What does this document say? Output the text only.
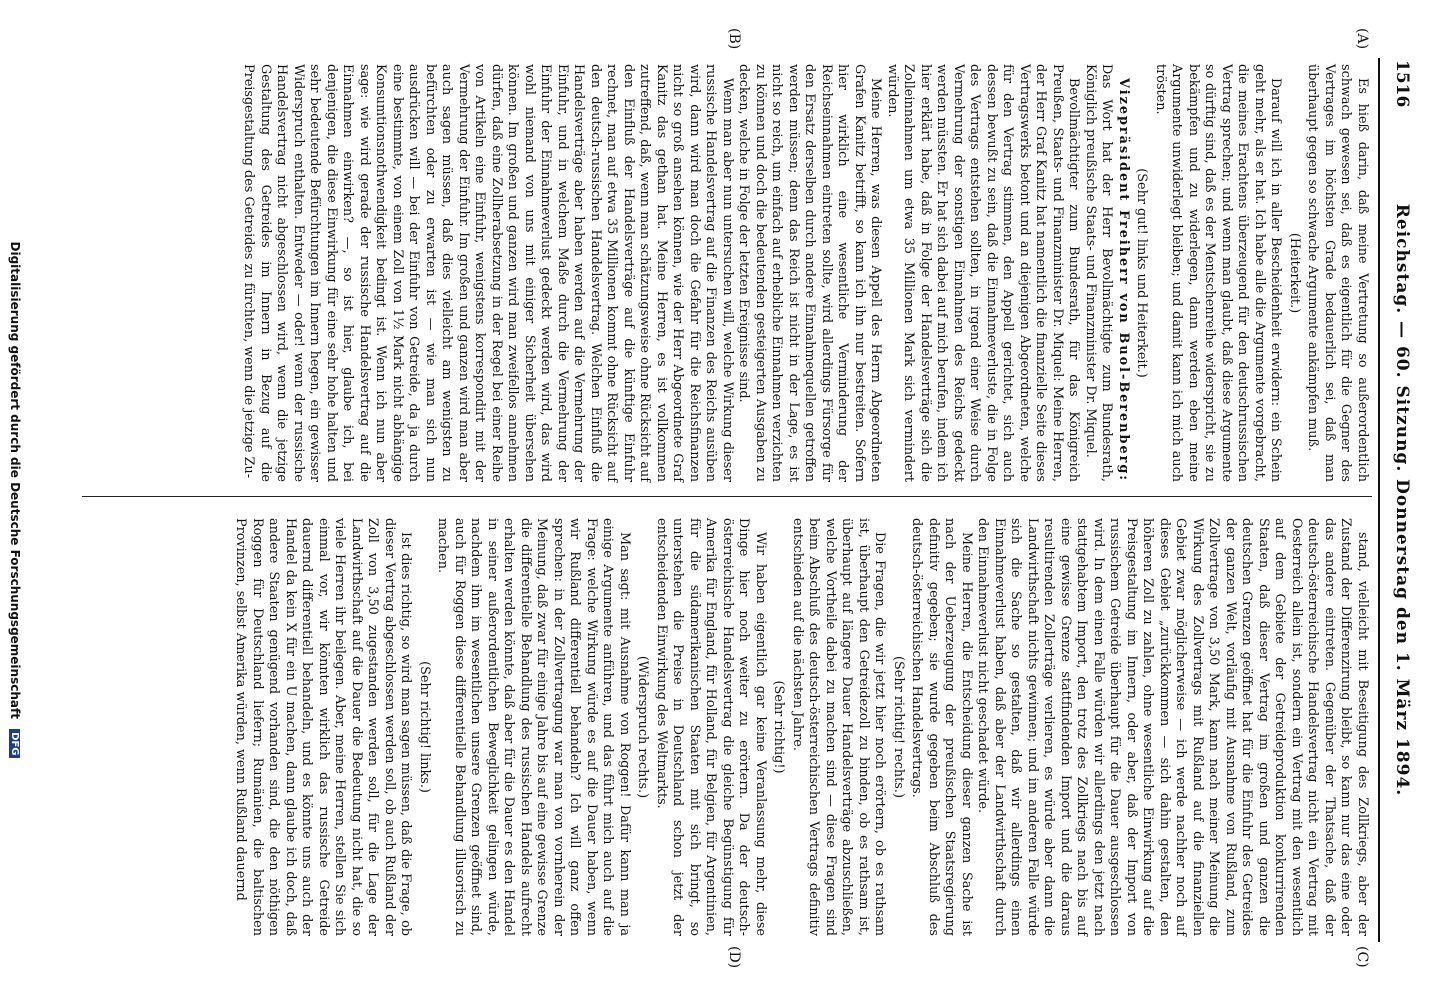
1516
Reichstag. — 60. Sitzung. Donnerstag den 1. März 1894.
(A)
(B)
(C)
(D)

Es hieß darin, daß meine Vertretung so außerordentlich schwach gewesen sei, daß es eigentlich für die Gegner des Vertrages im höchsten Grade bedauerlich sei, daß man überhaupt gegen so schwache Argumente ankämpfen muß.

(Heiterkeit.)

Darauf will ich in aller Bescheidenheit erwidern: ein Schein geht mehr, als er hat. Ich habe alle die Argumente vorgebracht, die meines Erachtens überzeugend für den deutschrussischen Vertrag sprechen; und wenn man glaubt, daß diese Argumente so dürftig sind, daß es der Mentschenreihe widerspricht, sie zu bekämpfen und zu widerlegen, dann werden eben meine Argumente unwiderlegt bleiben; und damit kann ich mich auch trösten.

(Sehr gut! links und Heiterkeit.)

Vizepräsident Freiherr von Buol-Berenberg: Das Wort hat der Herr Bevollmächtigte zum Bundesrath, Königlich preußische Staats- und Finanzminister Dr. Miquel.

Bevollmächtigter zum Bundesrath, für das Königreich Preußen, Staats- und Finanzminister Dr. Miquel: Meine Herren, der Herr Graf Kanitz hat namentlich die finanzielle Seite dieses Vertragswerks betont und an diejenigen Abgeordneten, welche für den Vertrag stimmen, den Appell gerichtet, sich auch dessen bewußt zu sein, daß die Einnahmeverluste, die in Folge des Vertrags entstehen sollten, in irgend einer Weise durch Vermehrung der sonstigen Einnahmen des Reichs gedeckt werden müssten. Er hat sich dabei auf mich berufen, indem ich hier erklärt habe, daß in Folge der Handelsverträge sich die Zolleinnahmen um etwa 35 Millionen Mark sich vermindert würden.

Meine Herren, was diesen Appell des Herrn Abgeordneten Grafen Kanitz betrifft, so kann ich ihn nur bestreiten. Sofern hier wirklich eine wesentliche Verminderung der Reichseinnahmen eintreten sollte, wird allerdings Fürsorge für den Ersatz derselben durch andere Einnahmequellen getroffen werden müssen; denn das Reich ist nicht in der Lage, es ist nicht so reich, um einfach auf erhebliche Einnahmen verzichten zu können und doch die bedeutenden gesteigerten Ausgaben zu decken, welche in Folge der letzten Ereignisse sind.

Wenn man aber nun untersuchen will, welche Wirkung dieser russische Handelsvertrag auf die Finanzen des Reichs ausüben wird, dann wird man doch die Gefahr für die Reichsfinanzen nicht so groß ansehen können, wie der Herr Abgeordnete Graf Kanitz das gethan hat. Meine Herren, es ist vollkommen zutreffend, daß, wenn man schätzungsweise ohne Rücksicht auf den Einfluß der Handelsverträge auf die künftige Einfuhr rechnet, man auf etwa 35 Millionen kommt ohne Rücksicht auf den deutsch-russischen Handelsvertrag. Welchen Einfluß die Handelsverträge aber haben werden auf die Vermehrung der Einfuhr, und in welchem Maße durch die Vermehrung der Einfuhr der Einnahmeverlust gedeckt werden wird, das wird wohl niemand von uns mit einiger Sicherheit übersehen können. Im großen und ganzen wird man zweifellos annehmen dürfen, daß eine Zollherabsetzung in der Regel bei einer Reihe von Artikeln eine Einfuhr, wenigstens korrespondirt mit der Vermehrung der Einfuhr. Im großen und ganzen wird man aber auch sagen müssen, daß dies vielleicht am wenigsten zu befürchten oder zu erwarten ist — wie man sich nun ausdrücken will — bei der Einfuhr von Getreide, da ja durch eine bestimmte, von einem Zoll von 1½ Mark nicht abhängige Konsumtionsnothwendigkeit bedingt ist. Wenn ich nun aber sage: wie wird gerade der russische Handelsvertrag auf die Einnahmen einwirken? —, so ist hier, glaube ich, bei denjenigen, die diese Einwirkung für eine sehr hohe halten und sehr bedeutende Befürchtungen im Innern hegen, ein gewisser Widerspruch enthalten. Entweder — oder! wenn der russische Handelsvertrag nicht abgeschlossen wird, wenn die jetzige Gestaltung des Getreides im Innern in Bezug auf die Preisgestaltung des Getreides zu fürchten, wenn die jetzige Zu-

stand, vielleicht mit Beseitigung des Zollkriegs, aber der Zustand der Differenzirung bleibt, so kann nur das eine oder das andere eintreten. Gegenüber der Thatsache, daß der deutsch-österreichische Handelsvertrag nicht ein Vertrag mit Oesterreich allein ist, sondern ein Vertrag mit den wesentlich auf dem Gebiete der Getreideproduktion konkurrirenden Staaten, daß dieser Vertrag im großen und ganzen die deutschen Grenzen geöffnet hat für die Einfuhr des Getreides der ganzen Welt, vorläufig mit Ausnahme von Rußland, zum Zollvertrage von 3,50 Mark, kann nach meiner Meinung die Wirkung des Zollvertrags mit Rußland auf die finanziellen Gebiet zwar möglicherweise — ich werde nachher noch auf dieses Gebiet „zurückkommen — sich dahin gestalten, den höheren Zoll zu zahlen, ohne wesentliche Einwirkung auf die Preisgestaltung im Innern, oder aber, daß der Import von russischem Getreide überhaupt für die Dauer ausgeschlossen wird. In dem einen Falle würden wir allerdings den jetzt nach stattgehabtem Import, den trotz des Zollkriegs nach bis auf eine gewisse Grenze stattfindenden Import und die daraus resultirenden Zollerträge verlieren, es würde aber dann die Landwirthschaft nichts gewinnen; und im anderen Falle würde sich die Sache so gestalten, daß wir allerdings einen Einnahmeverlust haben, daß aber der Landwirthschaft durch den Einnahmeverlust nicht geschadet würde.

Meine Herren, die Entscheidung dieser ganzen Sache ist nach der Ueberzeugung der preußischen Staatsregierung definitiv gegeben; sie wurde gegeben beim Abschluß des deutsch-österreichischen Handelsvertrags.

(Sehr richtig! rechts.)

Die Fragen, die wir jetzt hier noch erörtern, ob es rathsam ist, überhaupt den Getreidezoll zu binden, ob es rathsam ist, überhaupt auf längere Dauer Handelsverträge abzuschließen, welche Vortheile dabei zu machen sind — diese Fragen sind beim Abschluß des deutsch-österreichischen Vertrags definitiv entschieden auf die nächsten Jahre.

(Sehr richtig!)

Wir haben eigentlich gar keine Veranlassung mehr, diese Dinge hier noch weiter zu erörtern. Da der deutsch-österreichische Handelsvertrag die gleiche Begünstigung für Amerika für England, für Holland, für Belgien, für Argentinien, für die südamerikanischen Staaten mit sich bringt, so unterstehen die Preise in Deutschland schon jetzt der entscheidenden Einwirkung des Weltmarkts.

(Widerspruch rechts.)

Man sagt: mit Ausnahme von Roggen! Dafür kann man ja einige Argumente anführen, und das führt mich auch auf die Frage: welche Wirkung würde es auf die Dauer haben, wenn wir Rußland differentiell behandeln? Ich will ganz offen sprechen: in der Zollvertragung war man von vornherein der Meinung, daß zwar für einige Jahre bis auf eine gewisse Grenze die differentielle Behandlung des russischen Handels aufrecht erhalten werden könnte, daß aber für die Dauer es den Handel in seiner außerordentlichen Beweglichkeit gelingen würde, nachdem ihm im wesentlichen unsere Grenzen geöffnet sind, auch für Roggen diese differentielle Behandlung illusorisch zu machen.

(Sehr richtig! links.)

Ist dies richtig, so wird man sagen müssen, daß die Frage, ob dieser Vertrag abgeschlossen werden soll, ob auch Rußland der Zoll von 3,50 zugestanden werden soll, für die Lage der Landwirthschaft auf die Dauer die Bedeutung nicht hat, die so viele Herren ihr beilegen. Aber, meine Herren, stellen Sie sich einmal vor, wir könnten wirklich das russische Getreide dauernd differentiell behandeln, und es könnte uns auch der Handel da kein X für ein U machen, dann glaube ich doch, daß andere Staaten genügend vorhanden sind, die den nöthigen Roggen für Deutschland liefern; Rumänien, die baltischen Provinzen, selbst Amerika würden, wenn Rußland dauernd

Digitalisierung gefördert durch die Deutsche Forschungsgemeinschaft DFG
